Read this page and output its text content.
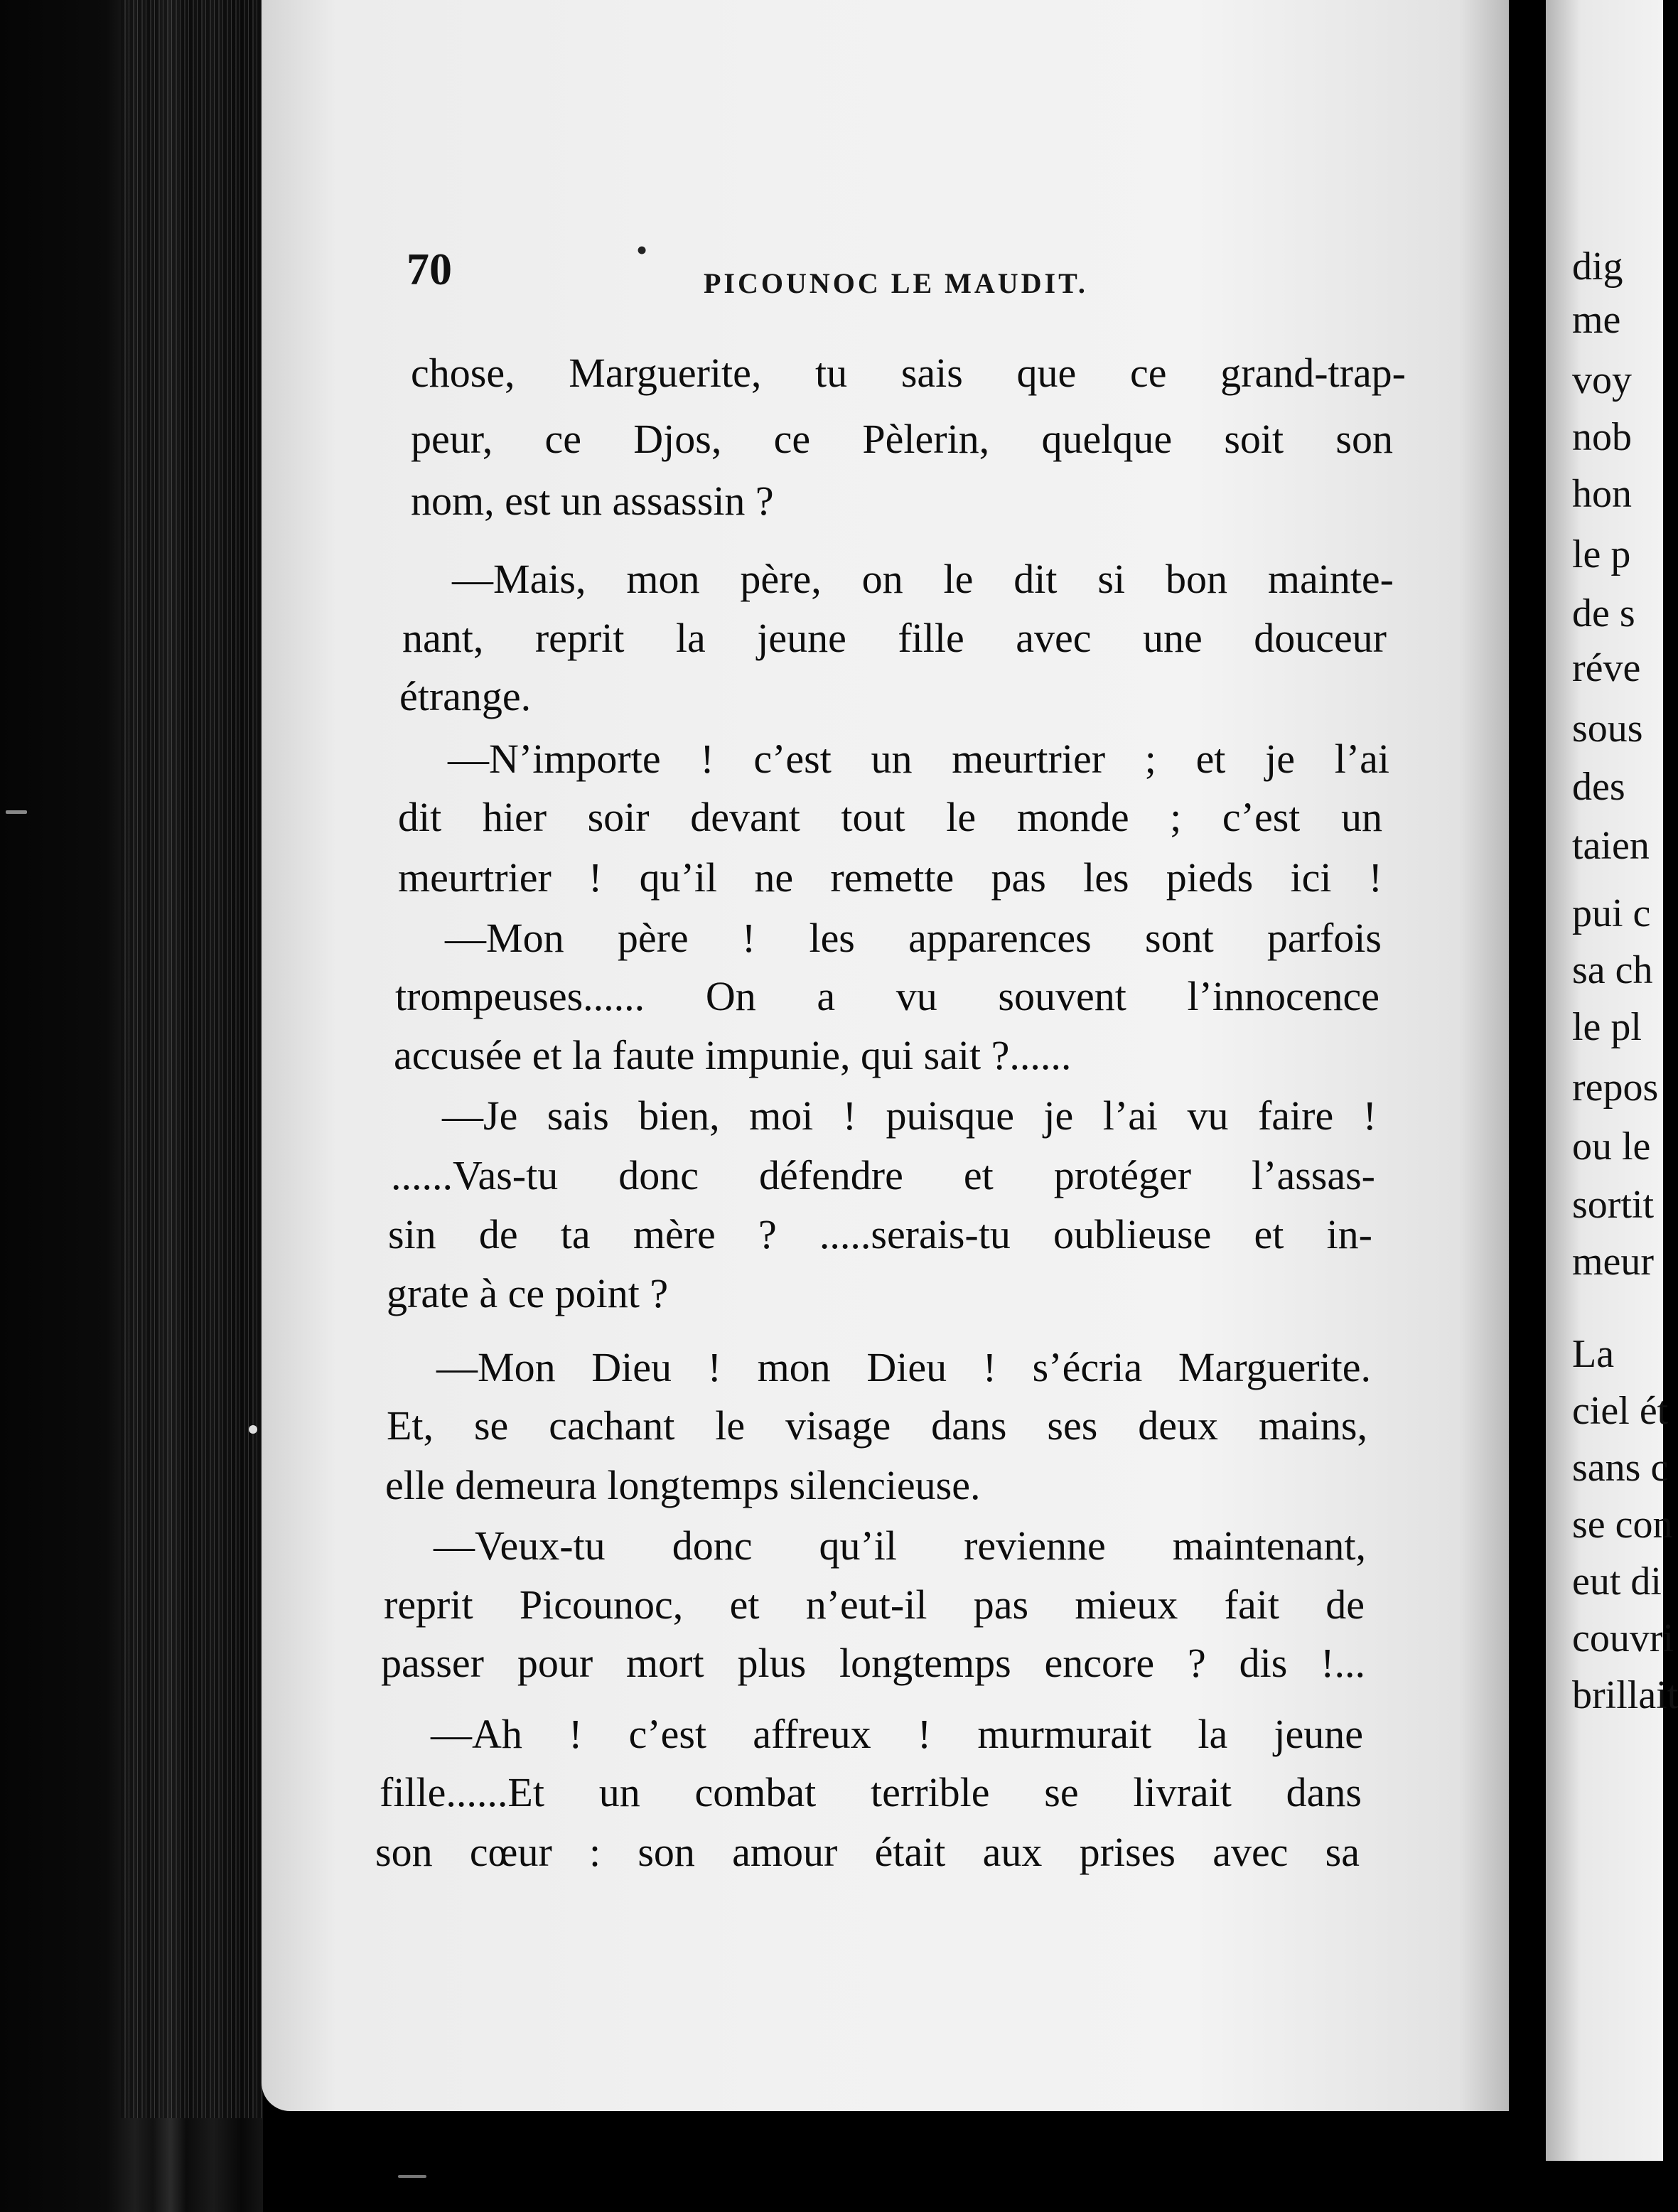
70	•
PICOUNOC LE MAUDIT.
chose, Marguerite, tu sais que ce grand-trap-
peur, ce Djos, ce Pèlerin, quelque soit son
nom, est un assassin ?
—Mais, mon père, on le dit si bon mainte-
nant, reprit la jeune fille avec une douceur
étrange.
—N’importe ! c’est un meurtrier ; et je l’ai
dit hier soir devant tout le monde ; c’est un
meurtrier ! qu’il ne remette pas les pieds ici !
—Mon père ! les apparences sont parfois
trompeuses...... On a vu souvent l’innocence
accusée et la faute impunie, qui sait ?......
—Je sais bien, moi ! puisque je l’ai vu faire !
......Vas-tu donc défendre et protéger l’assas-
sin de ta mère ? .....serais-tu oublieuse et in-
grate à ce point ?
—Mon Dieu ! mon Dieu ! s’écria Marguerite.
Et, se cachant le visage dans ses deux mains,
elle demeura longtemps silencieuse.
—Veux-tu donc qu’il revienne maintenant,
reprit Picounoc, et n’eut-il pas mieux fait de
passer pour mort plus longtemps encore ? dis !...
—Ah ! c’est affreux ! murmurait la jeune
fille......Et un combat terrible se livrait dans
son cœur : son amour était aux prises avec sa
dig
me
voy
nob
hon
le p
de s
réve
sous
des
taien
pui c
sa ch
le pl
repos
ou le
sortit
meur
La
ciel ét
sans c
se con
eut di
couvri
brillait
